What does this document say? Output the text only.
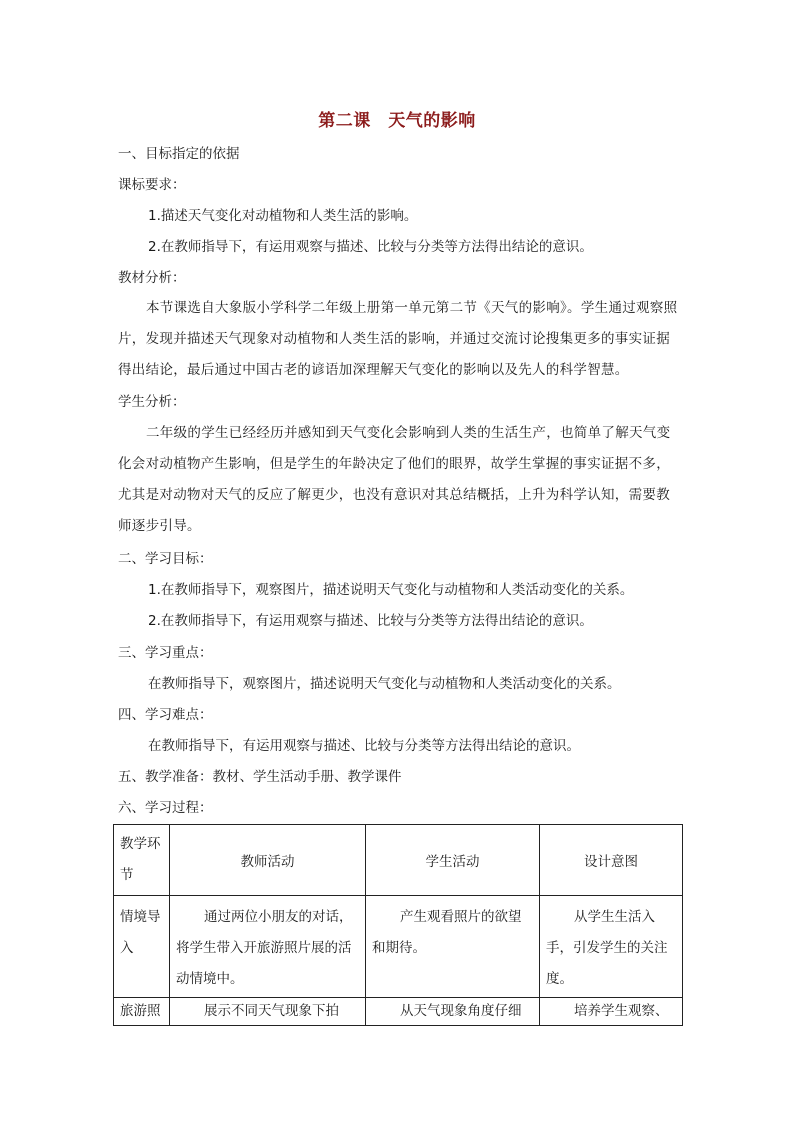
第二课　天气的影响
一、目标指定的依据
课标要求：
1.描述天气变化对动植物和人类生活的影响。
2.在教师指导下，有运用观察与描述、比较与分类等方法得出结论的意识。
教材分析：
本节课选自大象版小学科学二年级上册第一单元第二节《天气的影响》。学生通过观察照片，发现并描述天气现象对动植物和人类生活的影响，并通过交流讨论搜集更多的事实证据得出结论，最后通过中国古老的谚语加深理解天气变化的影响以及先人的科学智慧。
学生分析：
二年级的学生已经经历并感知到天气变化会影响到人类的生活生产，也简单了解天气变化会对动植物产生影响，但是学生的年龄决定了他们的眼界，故学生掌握的事实证据不多，尤其是对动物对天气的反应了解更少，也没有意识对其总结概括，上升为科学认知，需要教师逐步引导。
二、学习目标：
1.在教师指导下，观察图片，描述说明天气变化与动植物和人类活动变化的关系。
2.在教师指导下，有运用观察与描述、比较与分类等方法得出结论的意识。
三、学习重点：
在教师指导下，观察图片，描述说明天气变化与动植物和人类活动变化的关系。
四、学习难点：
在教师指导下，有运用观察与描述、比较与分类等方法得出结论的意识。
五、教学准备：教材、学生活动手册、教学课件
六、学习过程：
教学环节	教师活动	学生活动	设计意图

情境导入	通过两位小朋友的对话，将学生带入开旅游照片展的活动情境中。	产生观看照片的欲望和期待。	从学生生活入手，引发学生的关注度。

旅游照	展示不同天气现象下拍	从天气现象角度仔细	培养学生观察、
